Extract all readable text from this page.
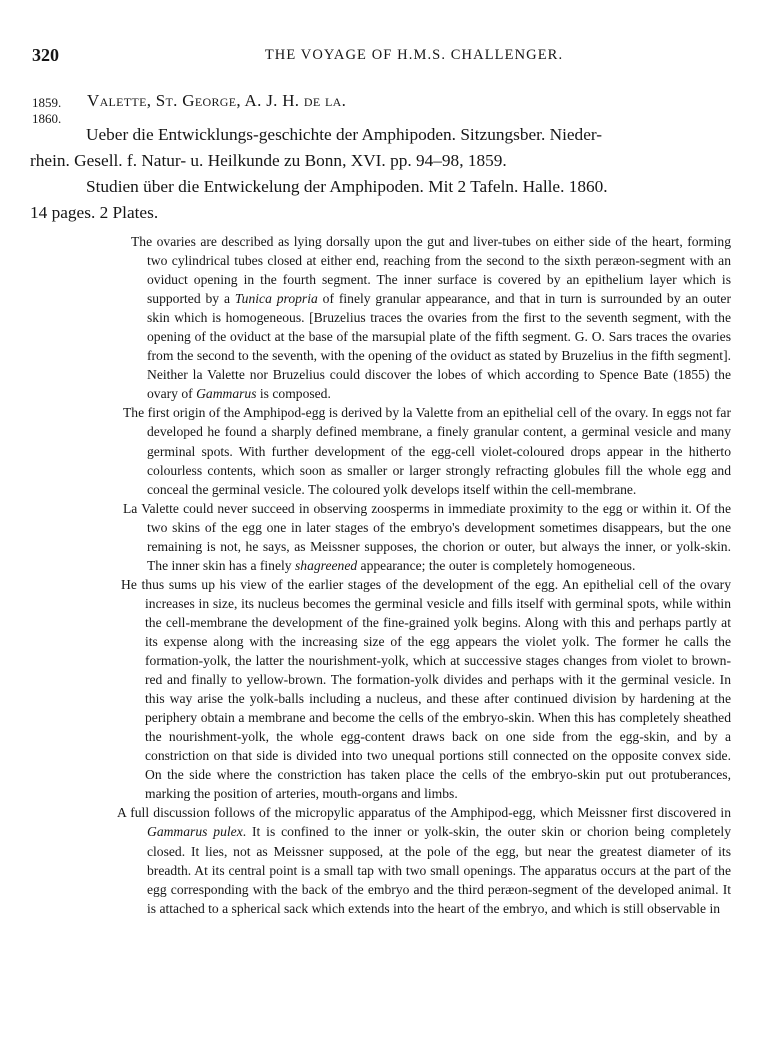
320	THE VOYAGE OF H.M.S. CHALLENGER.
1859.
1860.
Valette, St. George, A. J. H. de la.

Ueber die Entwicklungs-geschichte der Amphipoden. Sitzungsber. Nieder-
rhein. Gesell. f. Natur- u. Heilkunde zu Bonn, XVI. pp. 94–98, 1859.

Studien über die Entwickelung der Amphipoden. Mit 2 Tafeln. Halle. 1860.
14 pages. 2 Plates.

The ovaries are described as lying dorsally upon the gut and liver-tubes on either side of the heart, forming two cylindrical tubes closed at either end, reaching from the second to the sixth peræon-segment with an oviduct opening in the fourth segment. The inner surface is covered by an epithelium layer which is supported by a Tunica propria of finely granular appearance, and that in turn is surrounded by an outer skin which is homogeneous. [Bruzelius traces the ovaries from the first to the seventh segment, with the opening of the oviduct at the base of the marsupial plate of the fifth segment. G. O. Sars traces the ovaries from the second to the seventh, with the opening of the oviduct as stated by Bruzelius in the fifth segment]. Neither la Valette nor Bruzelius could discover the lobes of which according to Spence Bate (1855) the ovary of Gammarus is composed.

The first origin of the Amphipod-egg is derived by la Valette from an epithelial cell of the ovary. In eggs not far developed he found a sharply defined membrane, a finely granular content, a germinal vesicle and many germinal spots. With further development of the egg-cell violet-coloured drops appear in the hitherto colourless contents, which soon as smaller or larger strongly refracting globules fill the whole egg and conceal the germinal vesicle. The coloured yolk develops itself within the cell-membrane.

La Valette could never succeed in observing zoosperms in immediate proximity to the egg or within it. Of the two skins of the egg one in later stages of the embryo's development sometimes disappears, but the one remaining is not, he says, as Meissner supposes, the chorion or outer, but always the inner, or yolk-skin. The inner skin has a finely shagreened appearance; the outer is completely homogeneous.

He thus sums up his view of the earlier stages of the development of the egg. An epithelial cell of the ovary increases in size, its nucleus becomes the germinal vesicle and fills itself with germinal spots, while within the cell-membrane the development of the fine-grained yolk begins. Along with this and perhaps partly at its expense along with the increasing size of the egg appears the violet yolk. The former he calls the formation-yolk, the latter the nourishment-yolk, which at successive stages changes from violet to brown-red and finally to yellow-brown. The formation-yolk divides and perhaps with it the germinal vesicle. In this way arise the yolk-balls including a nucleus, and these after continued division by hardening at the periphery obtain a membrane and become the cells of the embryo-skin. When this has completely sheathed the nourishment-yolk, the whole egg-content draws back on one side from the egg-skin, and by a constriction on that side is divided into two unequal portions still connected on the opposite convex side. On the side where the constriction has taken place the cells of the embryo-skin put out protuberances, marking the position of arteries, mouth-organs and limbs.

A full discussion follows of the micropylic apparatus of the Amphipod-egg, which Meissner first discovered in Gammarus pulex. It is confined to the inner or yolk-skin, the outer skin or chorion being completely closed. It lies, not as Meissner supposed, at the pole of the egg, but near the greatest diameter of its breadth. At its central point is a small tap with two small openings. The apparatus occurs at the part of the egg corresponding with the back of the embryo and the third peræon-segment of the developed animal. It is attached to a spherical sack which extends into the heart of the embryo, and which is still observable in
